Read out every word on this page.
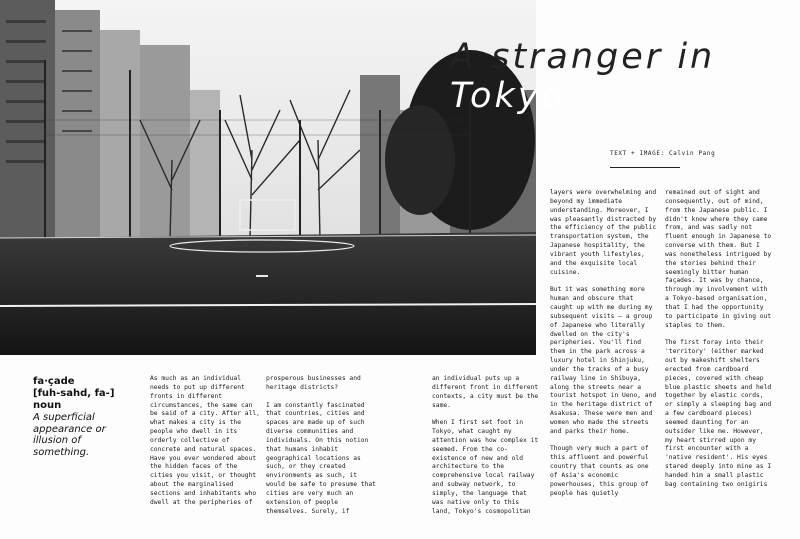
A stranger in
Tokyo
TEXT + IMAGE: Calvin Pang
fa·çade
[fuh-sahd, fa-]
noun
A superficial appearance or illusion of something.
As much as an individual needs to put up different fronts in different circumstances, the same can be said of a city. After all, what makes a city is the people who dwell in its orderly collective of concrete and natural spaces. Have you ever wondered about the hidden faces of the cities you visit, or thought about the marginalised sections and inhabitants who dwell at the peripheries of
prosperous businesses and heritage districts?

I am constantly fascinated that countries, cities and spaces are made up of such diverse communities and individuals. On this notion that humans inhabit geographical locations as such, or they created environments as such, it would be safe to presume that cities are very much an extension of people themselves. Surely, if
an individual puts up a different front in different contexts, a city must be the same.

When I first set foot in Tokyo, what caught my attention was how complex it seemed. From the co-existence of new and old architecture to the comprehensive local railway and subway network, to simply, the language that was native only to this land, Tokyo's cosmopolitan
layers were overwhelming and beyond my immediate understanding. Moreover, I was pleasantly distracted by the efficiency of the public transportation system, the Japanese hospitality, the vibrant youth lifestyles, and the exquisite local cuisine.

But it was something more human and obscure that caught up with me during my subsequent visits – a group of Japanese who literally dwelled on the city's peripheries. You'll find them in the park across a luxury hotel in Shinjuku, under the tracks of a busy railway line in Shibuya, along the streets near a tourist hotspot in Ueno, and in the heritage district of Asakusa. These were men and women who made the streets and parks their home.

Though very much a part of this affluent and powerful country that counts as one of Asia's economic powerhouses, this group of people has quietly
remained out of sight and consequently, out of mind, from the Japanese public. I didn't know where they came from, and was sadly not fluent enough in Japanese to converse with them. But I was nonetheless intrigued by the stories behind their seemingly bitter human façades. It was by chance, through my involvement with a Tokyo-based organisation, that I had the opportunity to participate in giving out staples to them.

The first foray into their 'territory' (either marked out by makeshift shelters erected from cardboard pieces, covered with cheap blue plastic sheets and held together by elastic cords, or simply a sleeping bag and a few cardboard pieces) seemed daunting for an outsider like me. However, my heart stirred upon my first encounter with a 'native resident'. His eyes stared deeply into mine as I handed him a small plastic bag containing two onigiris
